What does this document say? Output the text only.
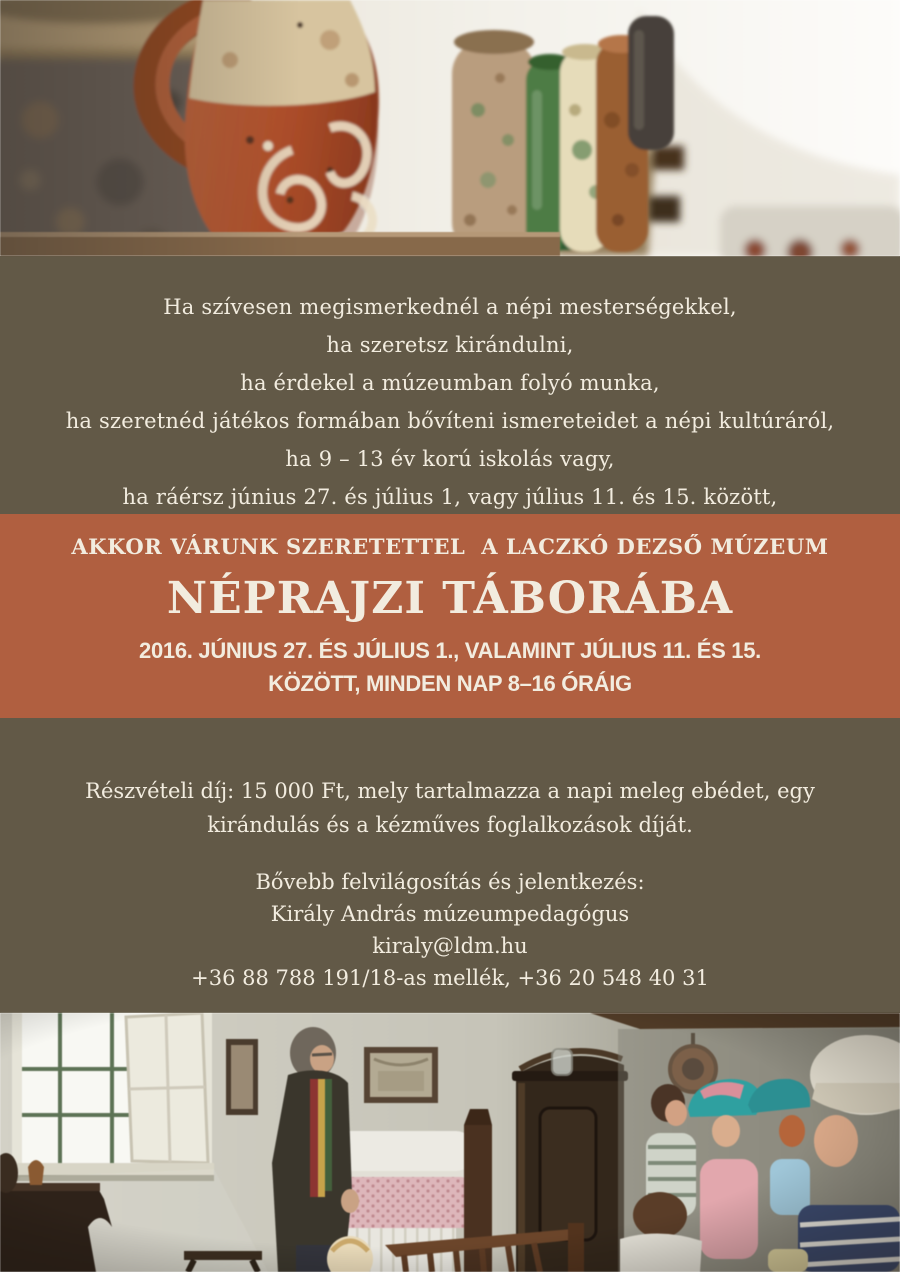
Ha szívesen megismerkednél a népi mesterségekkel,

ha szeretsz kirándulni,

ha érdekel a múzeumban folyó munka,

ha szeretnéd játékos formában bővíteni ismereteidet a népi kultúráról,

ha 9 – 13 év korú iskolás vagy,

ha ráérsz június 27. és július 1, vagy július 11. és 15. között,

AKKOR VÁRUNK SZERETETTEL  A LACZKÓ DEZSŐ MÚZEUM

NÉPRAJZI TÁBORÁBA

2016. JÚNIUS 27. ÉS JÚLIUS 1., VALAMINT JÚLIUS 11. ÉS 15.

KÖZÖTT, MINDEN NAP 8–16 ÓRÁIG

Részvételi díj: 15 000 Ft, mely tartalmazza a napi meleg ebédet, egy

kirándulás és a kézműves foglalkozások díját.

Bővebb felvilágosítás és jelentkezés:

Király András múzeumpedagógus

kiraly@ldm.hu

+36 88 788 191/18-as mellék, +36 20 548 40 31
